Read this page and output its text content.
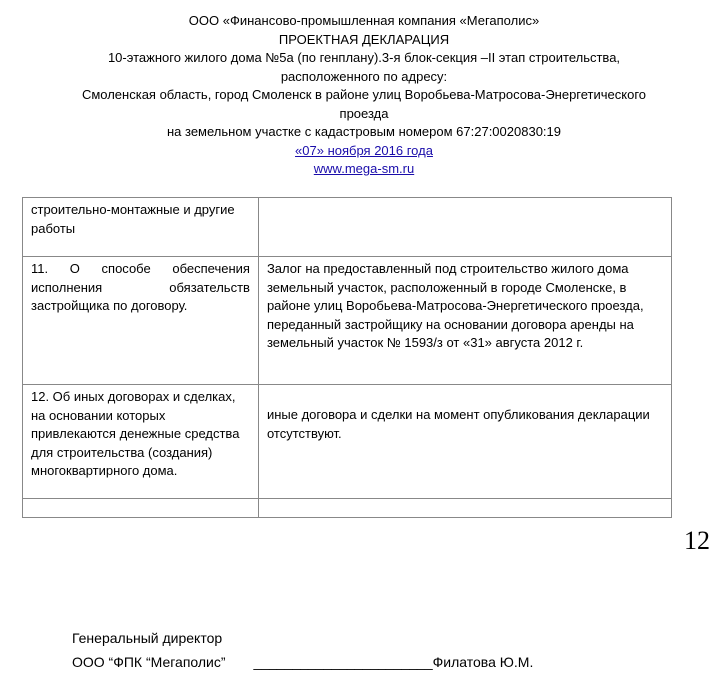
ООО «Финансово-промышленная компания «Мегаполис»
ПРОЕКТНАЯ ДЕКЛАРАЦИЯ
10-этажного жилого дома №5а (по генплану).3-я блок-секция –II этап строительства,
расположенного по адресу:
Смоленская область, город Смоленск в районе улиц Воробьева-Матросова-Энергетического
проезда
на земельном участке с кадастровым номером 67:27:0020830:19
«07» ноября 2016 года
www.mega-sm.ru
строительно-монтажные и другие работы	
11. О способе обеспечения исполнения обязательств застройщика по договору.	Залог на предоставленный под строительство жилого дома земельный участок, расположенный в городе Смоленске, в районе улиц Воробьева-Матросова-Энергетического проезда, переданный застройщику на основании договора аренды на земельный участок № 1593/з от «31» августа 2012 г.
12. Об иных договорах и сделках, на основании которых привлекаются денежные средства для строительства (создания) многоквартирного дома.	иные договора и сделки на момент опубликования декларации отсутствуют.

12
Генеральный директор
ООО “ФПК “Мегаполис” _______________________Филатова Ю.М.
